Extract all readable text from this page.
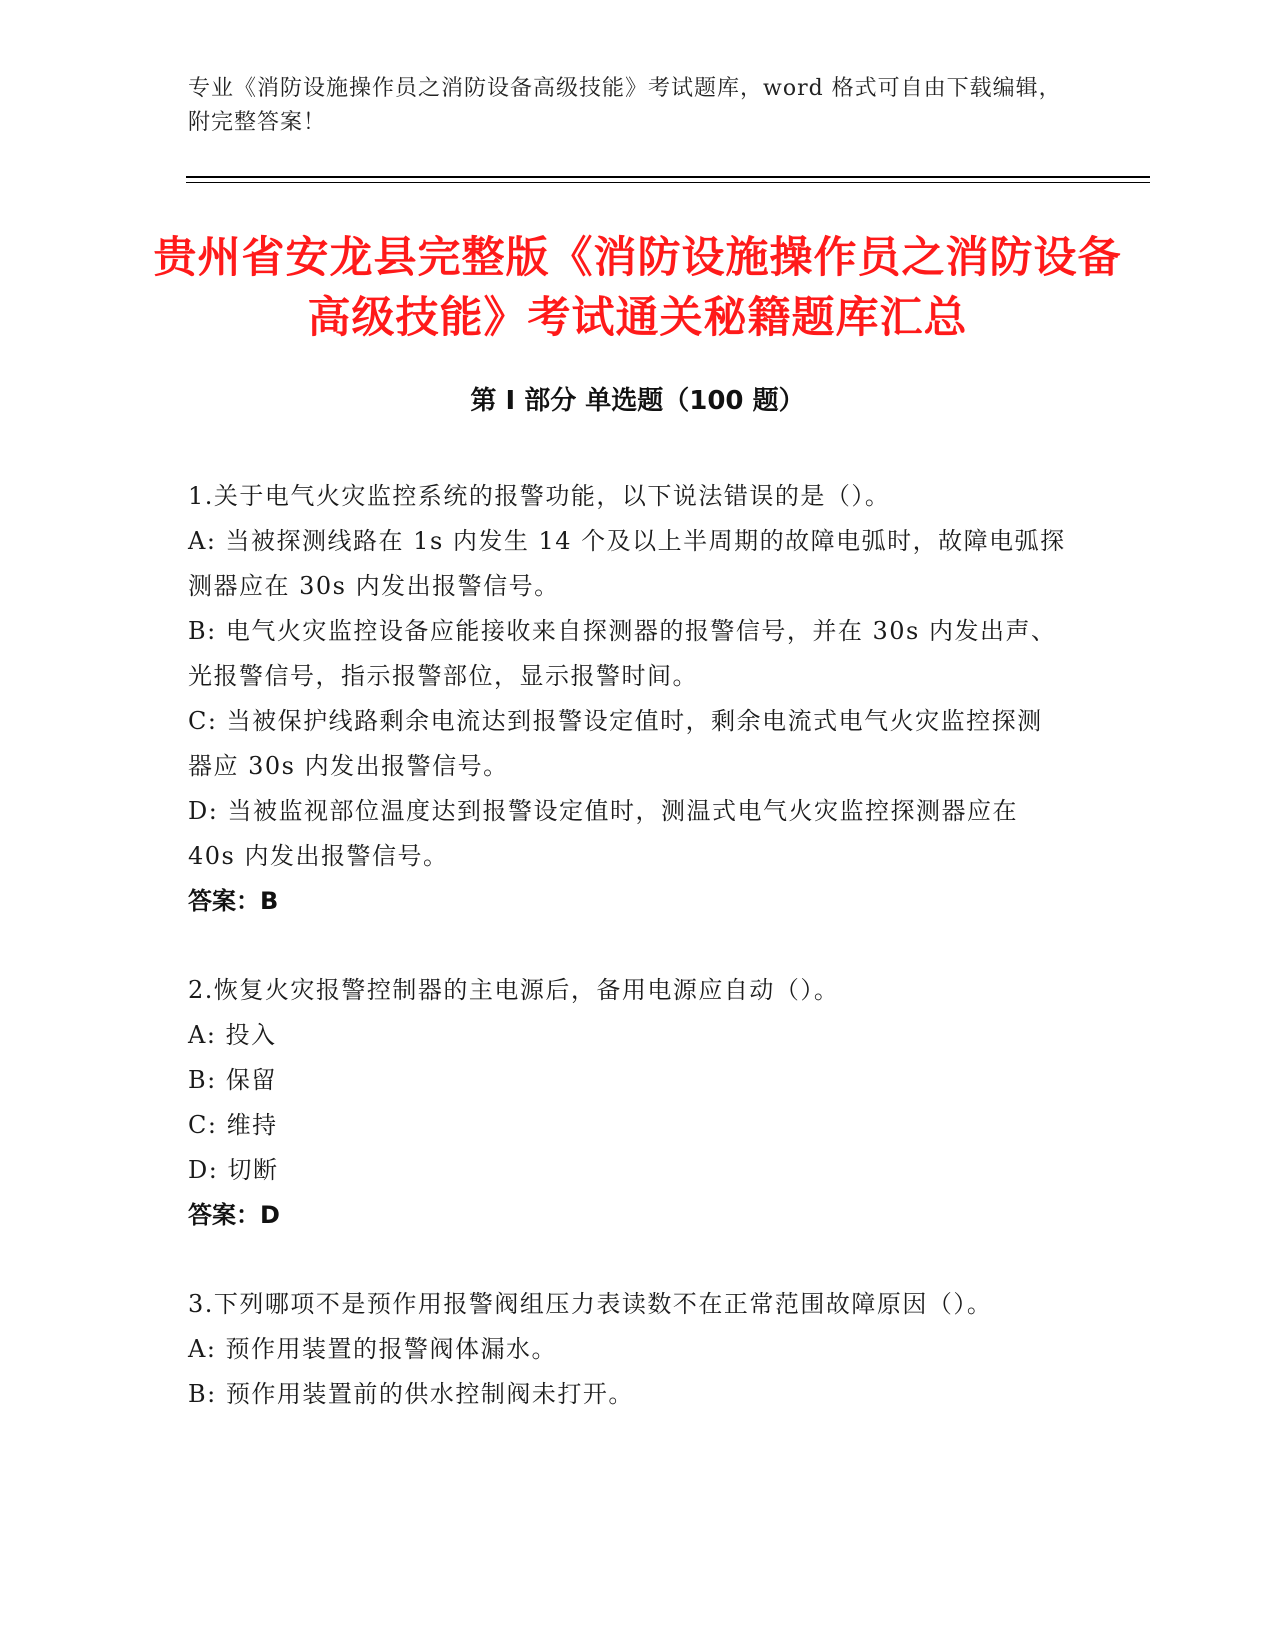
专业《消防设施操作员之消防设备高级技能》考试题库，word 格式可自由下载编辑，附完整答案！
贵州省安龙县完整版《消防设施操作员之消防设备高级技能》考试通关秘籍题库汇总
第 I 部分 单选题（100 题）
1.关于电气火灾监控系统的报警功能，以下说法错误的是（）。
A: 当被探测线路在 1s 内发生 14 个及以上半周期的故障电弧时，故障电弧探测器应在 30s 内发出报警信号。
B: 电气火灾监控设备应能接收来自探测器的报警信号，并在 30s 内发出声、光报警信号，指示报警部位，显示报警时间。
C: 当被保护线路剩余电流达到报警设定值时，剩余电流式电气火灾监控探测器应 30s 内发出报警信号。
D: 当被监视部位温度达到报警设定值时，测温式电气火灾监控探测器应在 40s 内发出报警信号。
答案：B
2.恢复火灾报警控制器的主电源后，备用电源应自动（）。
A: 投入
B: 保留
C: 维持
D: 切断
答案：D
3.下列哪项不是预作用报警阀组压力表读数不在正常范围故障原因（）。
A: 预作用装置的报警阀体漏水。
B: 预作用装置前的供水控制阀未打开。
